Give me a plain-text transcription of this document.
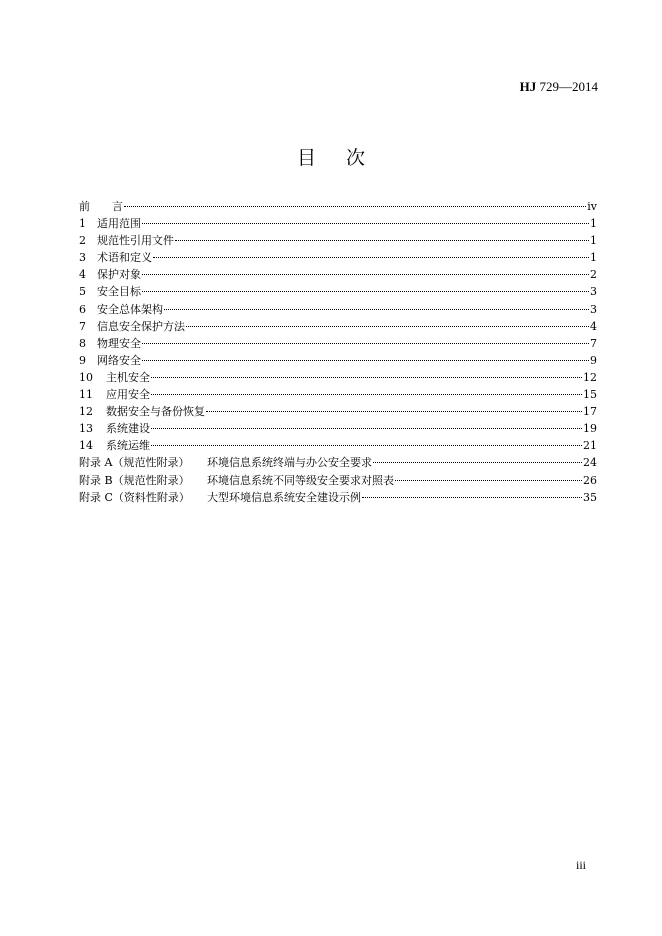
HJ 729—2014
目次
前 言	iv
1 适用范围	1
2 规范性引用文件	1
3 术语和定义	1
4 保护对象	2
5 安全目标	3
6 安全总体架构	3
7 信息安全保护方法	4
8 物理安全	7
9 网络安全	9
10 主机安全	12
11 应用安全	15
12 数据安全与备份恢复	17
13 系统建设	19
14 系统运维	21
附录 A（规范性附录） 环境信息系统终端与办公安全要求	24
附录 B（规范性附录） 环境信息系统不同等级安全要求对照表	26
附录 C（资料性附录） 大型环境信息系统安全建设示例	35
iii
